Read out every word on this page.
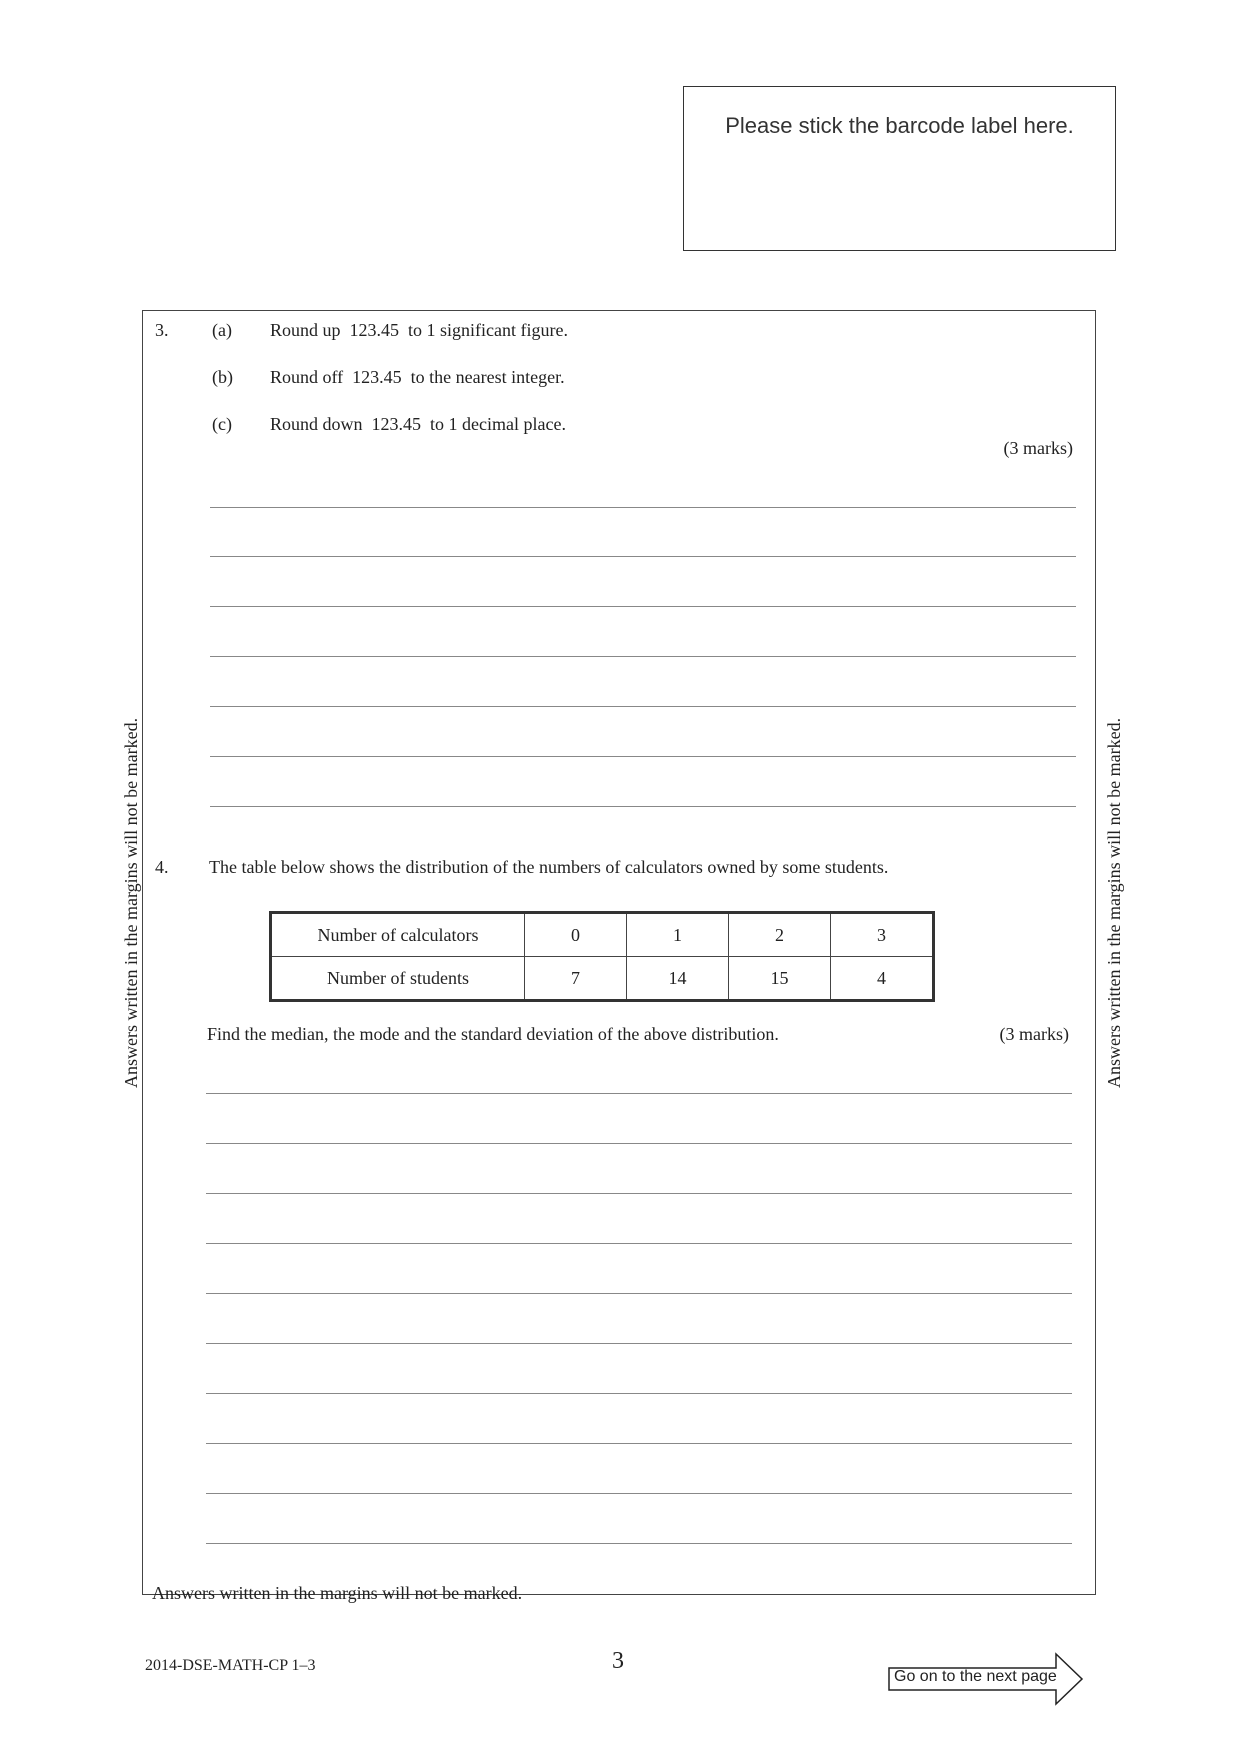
Please stick the barcode label here.
3. (a) Round up  123.45  to 1 significant figure.
(b) Round off  123.45  to the nearest integer.
(c) Round down  123.45  to 1 decimal place.
(3 marks)
4. The table below shows the distribution of the numbers of calculators owned by some students.
Number of calculators	0	1	2	3
Number of students	7	14	15	4
Find the median, the mode and the standard deviation of the above distribution.	(3 marks)
Answers written in the margins will not be marked.	Answers written in the margins will not be marked.
Answers written in the margins will not be marked.
2014-DSE-MATH-CP 1–3	3
Go on to the next page
